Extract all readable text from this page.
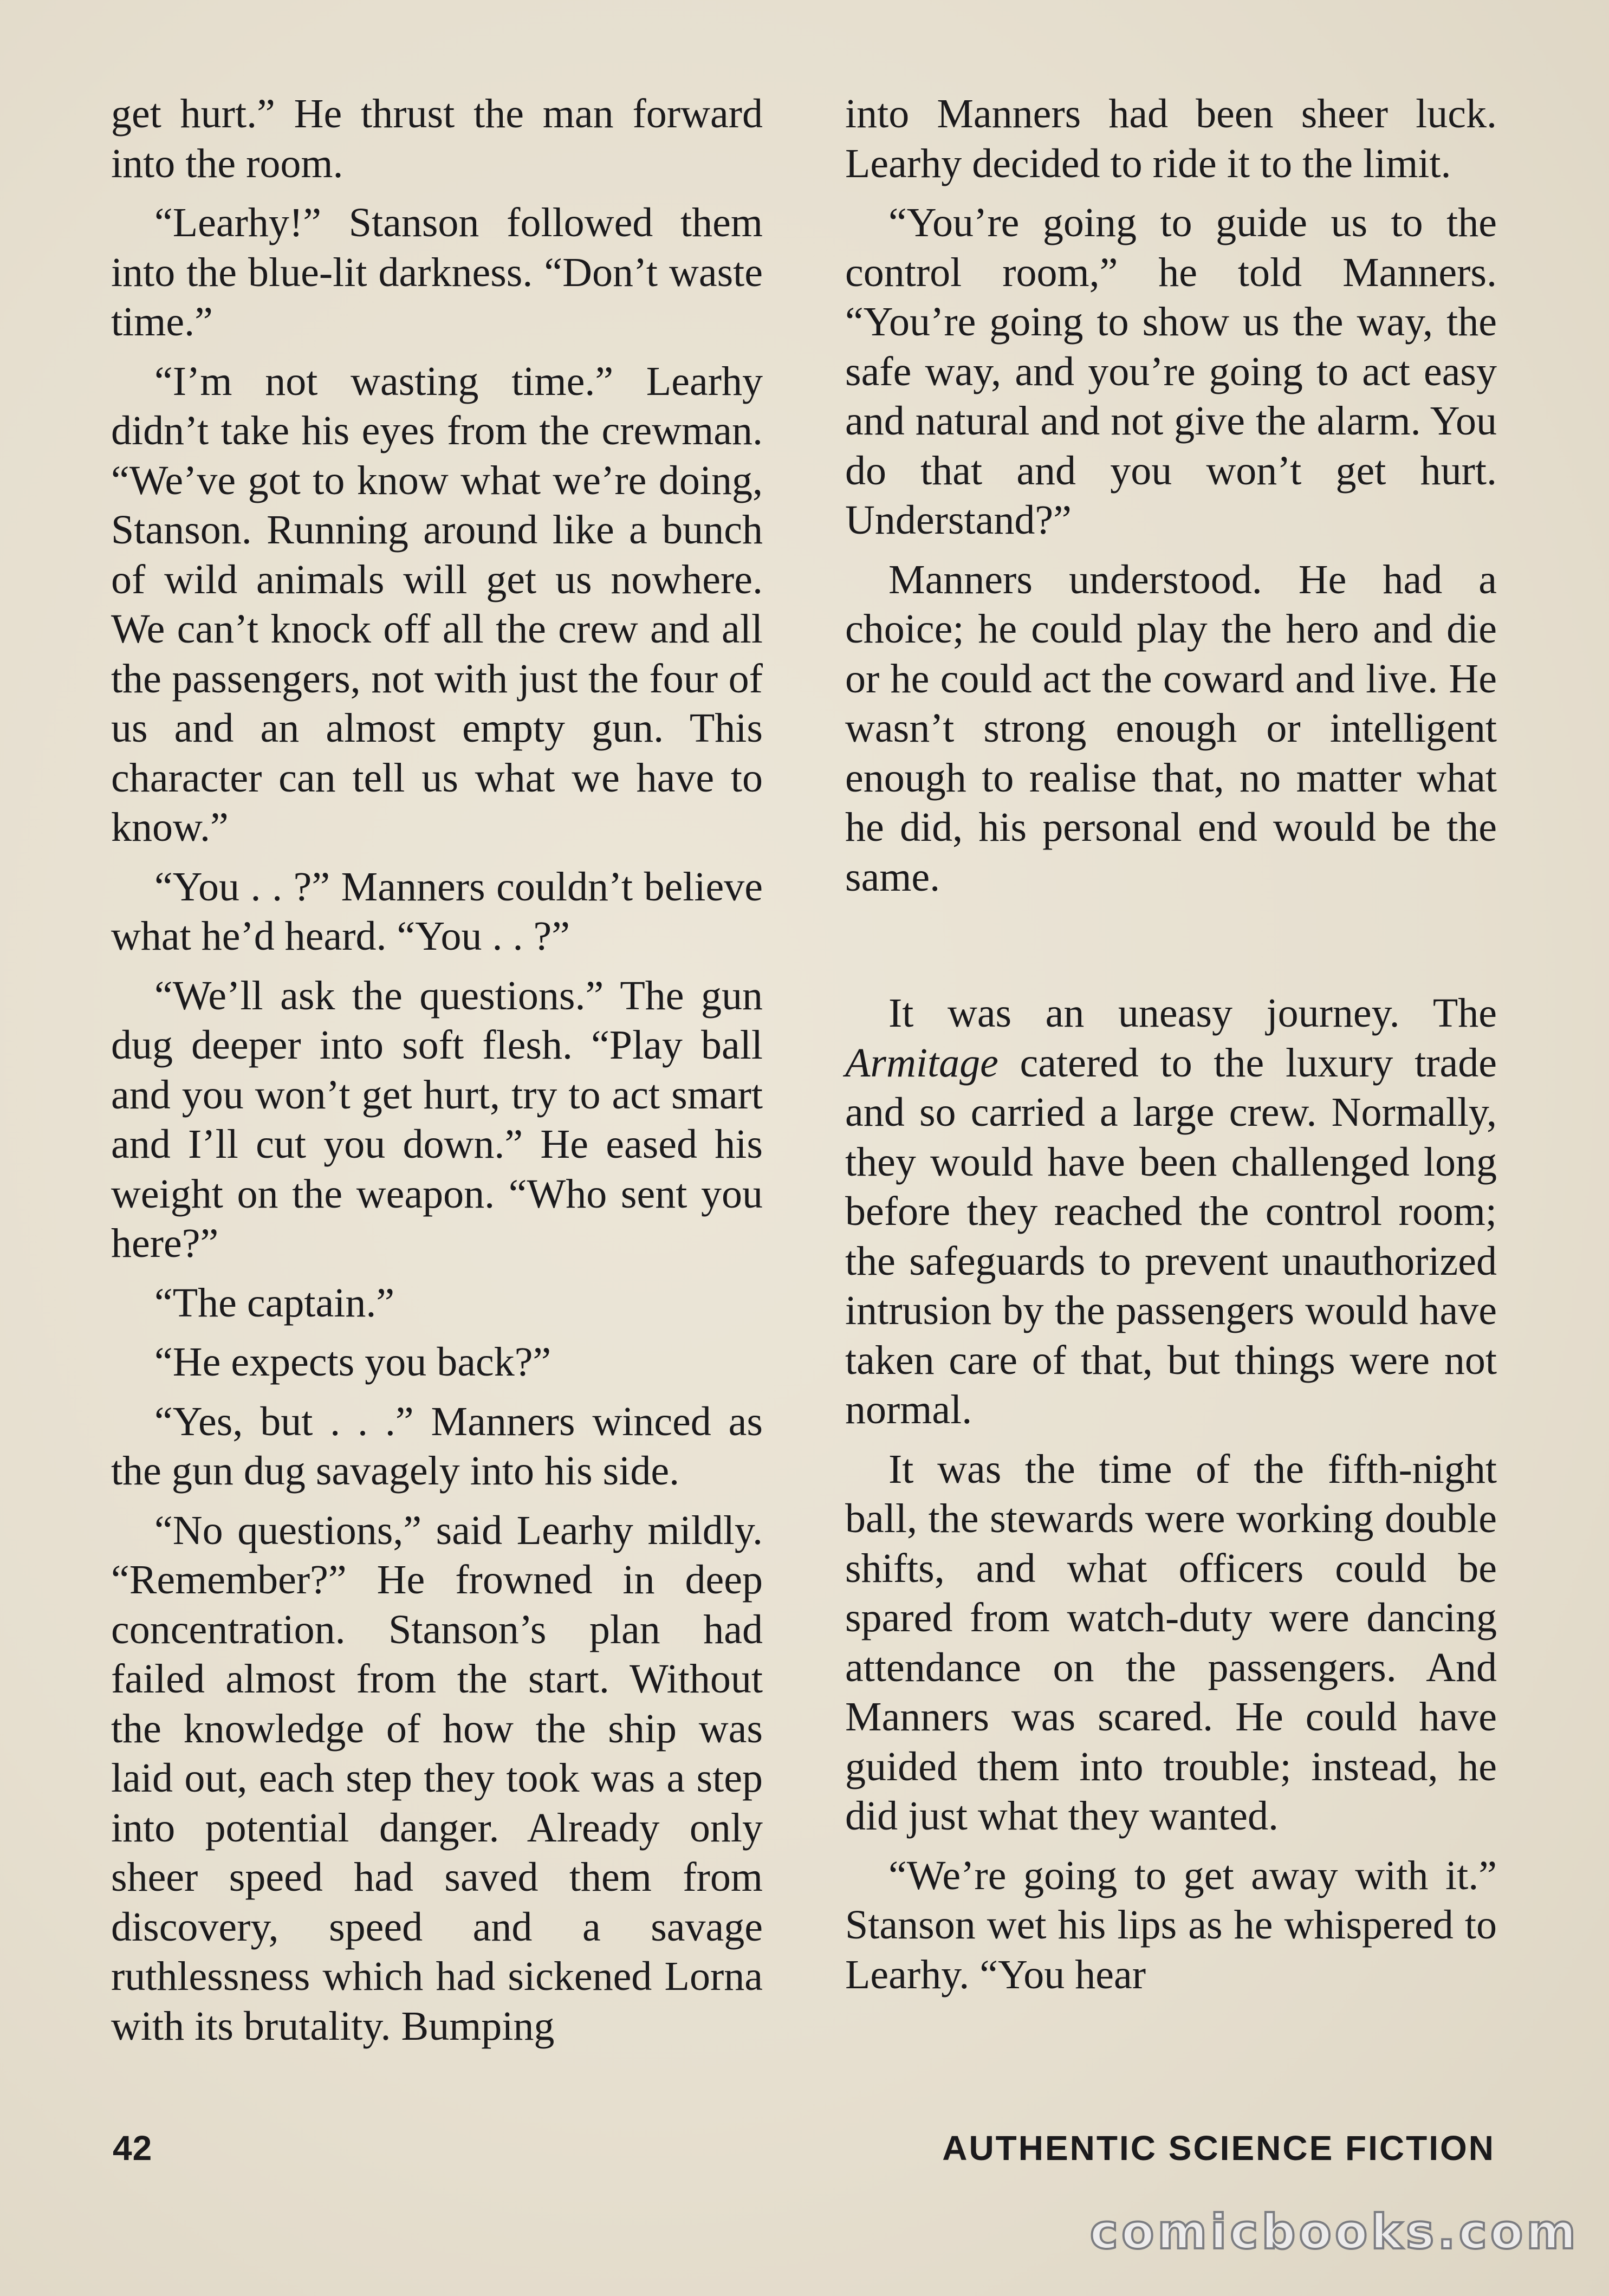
get hurt.” He thrust the man forward into the room.

“Learhy!” Stanson followed them into the blue-lit darkness. “Don’t waste time.”

“I’m not wasting time.” Learhy didn’t take his eyes from the crewman. “We’ve got to know what we’re doing, Stanson. Running around like a bunch of wild animals will get us nowhere. We can’t knock off all the crew and all the passengers, not with just the four of us and an almost empty gun. This character can tell us what we have to know.”

“You . . ?” Manners couldn’t believe what he’d heard. “You . . ?”

“We’ll ask the questions.” The gun dug deeper into soft flesh. “Play ball and you won’t get hurt, try to act smart and I’ll cut you down.” He eased his weight on the weapon. “Who sent you here?”

“The captain.”

“He expects you back?”

“Yes, but . . .” Manners winced as the gun dug savagely into his side.

“No questions,” said Learhy mildly. “Remember?” He frowned in deep concentration. Stanson’s plan had failed almost from the start. Without the knowledge of how the ship was laid out, each step they took was a step into potential danger. Already only sheer speed had saved them from discovery, speed and a savage ruthlessness which had sickened Lorna with its brutality. Bumping

into Manners had been sheer luck. Learhy decided to ride it to the limit.

“You’re going to guide us to the control room,” he told Manners. “You’re going to show us the way, the safe way, and you’re going to act easy and natural and not give the alarm. You do that and you won’t get hurt. Understand?”

Manners understood. He had a choice; he could play the hero and die or he could act the coward and live. He wasn’t strong enough or intelligent enough to realise that, no matter what he did, his personal end would be the same.

It was an uneasy journey. The Armitage catered to the luxury trade and so carried a large crew. Normally, they would have been challenged long before they reached the control room; the safeguards to prevent unauthorized intrusion by the passengers would have taken care of that, but things were not normal.

It was the time of the fifth-night ball, the stewards were working double shifts, and what officers could be spared from watch-duty were dancing attendance on the passengers. And Manners was scared. He could have guided them into trouble; instead, he did just what they wanted.

“We’re going to get away with it.” Stanson wet his lips as he whispered to Learhy. “You hear

42	AUTHENTIC SCIENCE FICTION
comicbooks.com
